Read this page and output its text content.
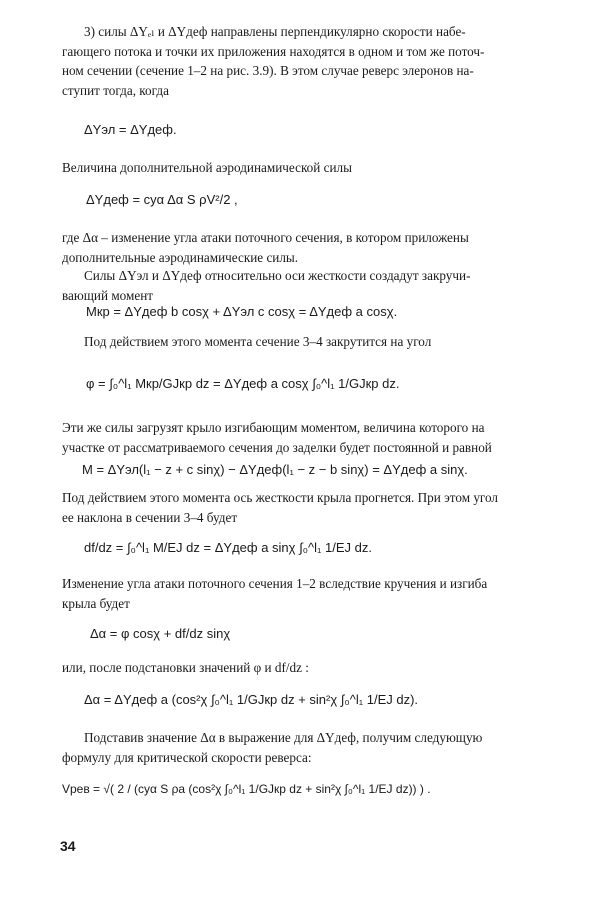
3) силы ΔYₑₗ и ΔYдеф направлены перпендикулярно скорости набе-
гающего потока и точки их приложения находятся в одном и том же поточ-
ном сечении (сечение 1–2 на рис. 3.9). В этом случае реверс элеронов на-
ступит тогда, когда
ΔYэл = ΔYдеф.
Величина дополнительной аэродинамической силы
ΔYдеф = cyα Δα S ρV²/2 ,
где Δα – изменение угла атаки поточного сечения, в котором приложены
дополнительные аэродинамические силы.
Силы ΔYэл и ΔYдеф относительно оси жесткости создадут закручи-
вающий момент
Mкр = ΔYдеф b cosχ + ΔYэл c cosχ = ΔYдеф a cosχ.
Под действием этого момента сечение 3–4 закрутится на угол
φ = ∫₀^l₁ Mкр/GJкр dz = ΔYдеф a cosχ ∫₀^l₁ 1/GJкр dz.
Эти же силы загрузят крыло изгибающим моментом, величина которого на
участке от рассматриваемого сечения до заделки будет постоянной и равной
M = ΔYэл(l₁ − z + c sinχ) − ΔYдеф(l₁ − z − b sinχ) = ΔYдеф a sinχ.
Под действием этого момента ось жесткости крыла прогнется. При этом угол
ее наклона в сечении 3–4 будет
df/dz = ∫₀^l₁ M/EJ dz = ΔYдеф a sinχ ∫₀^l₁ 1/EJ dz.
Изменение угла атаки поточного сечения 1–2 вследствие кручения и изгиба
крыла будет
Δα = φ cosχ + df/dz sinχ
или, после подстановки значений φ и df/dz :
Δα = ΔYдеф a (cos²χ ∫₀^l₁ 1/GJкр dz + sin²χ ∫₀^l₁ 1/EJ dz).
Подставив значение Δα в выражение для ΔYдеф, получим следующую
формулу для критической скорости реверса:
Vрев = √( 2 / (cyα S ρa (cos²χ ∫₀^l₁ 1/GJкр dz + sin²χ ∫₀^l₁ 1/EJ dz)) ) .
34
